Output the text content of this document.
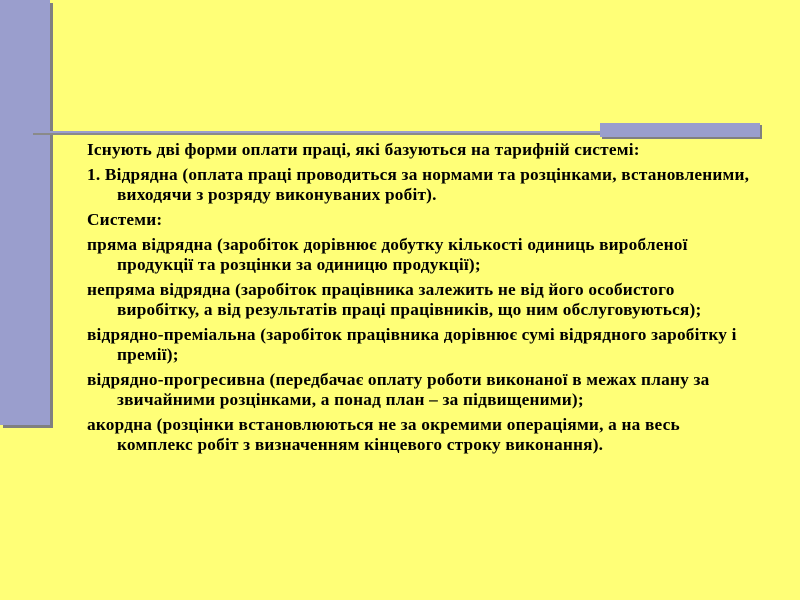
Існують дві форми оплати праці, які базуються на тарифній системі:
1. Відрядна (оплата праці проводиться за нормами та розцінками, встановленими, виходячи з розряду виконуваних робіт).
Системи:
пряма відрядна (заробіток дорівнює добутку кількості одиниць виробленої продукції та розцінки за одиницю продукції);
непряма відрядна (заробіток працівника залежить не від його особистого виробітку, а від результатів праці працівників, що ним обслуговуються);
відрядно-преміальна (заробіток працівника дорівнює сумі відрядного заробітку і премії);
відрядно-прогресивна (передбачає оплату роботи виконаної в межах плану за звичайними розцінками, а понад план – за підвищеними);
акордна (розцінки встановлюються не за окремими операціями, а на весь комплекс робіт з визначенням кінцевого строку виконання).
